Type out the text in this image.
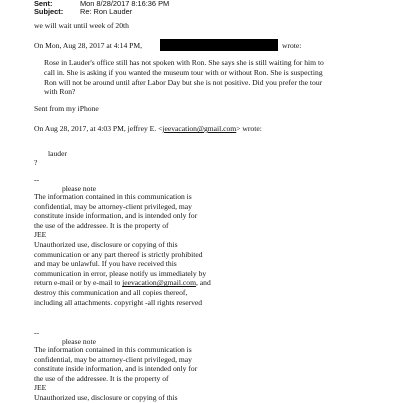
Sent:	Mon 8/28/2017 8:16:36 PM
Subject: Re: Ron Lauder
we will wait until week of 20th
On Mon, Aug 28, 2017 at 4:14 PM,	wrote:
Rose in Lauder's office still has not spoken with Ron. She says she is still waiting for him to
call in. She is asking if you wanted the museum tour with or without Ron. She is suspecting
Ron will not be around until after Labor Day but she is not positive. Did you prefer the tour
with Ron?
Sent from my iPhone
On Aug 28, 2017, at 4:03 PM, jeffrey E. <jeevacation@gmail.com> wrote:
lauder
?
--
please note
The information contained in this communication is
confidential, may be attorney-client privileged, may
constitute inside information, and is intended only for
the use of the addressee. It is the property of
JEE
Unauthorized use, disclosure or copying of this
communication or any part thereof is strictly prohibited
and may be unlawful. If you have received this
communication in error, please notify us immediately by
return e-mail or by e-mail to jeevacation@gmail.com, and
destroy this communication and all copies thereof,
including all attachments. copyright -all rights reserved
--
please note
The information contained in this communication is
confidential, may be attorney-client privileged, may
constitute inside information, and is intended only for
the use of the addressee. It is the property of
JEE
Unauthorized use, disclosure or copying of this
